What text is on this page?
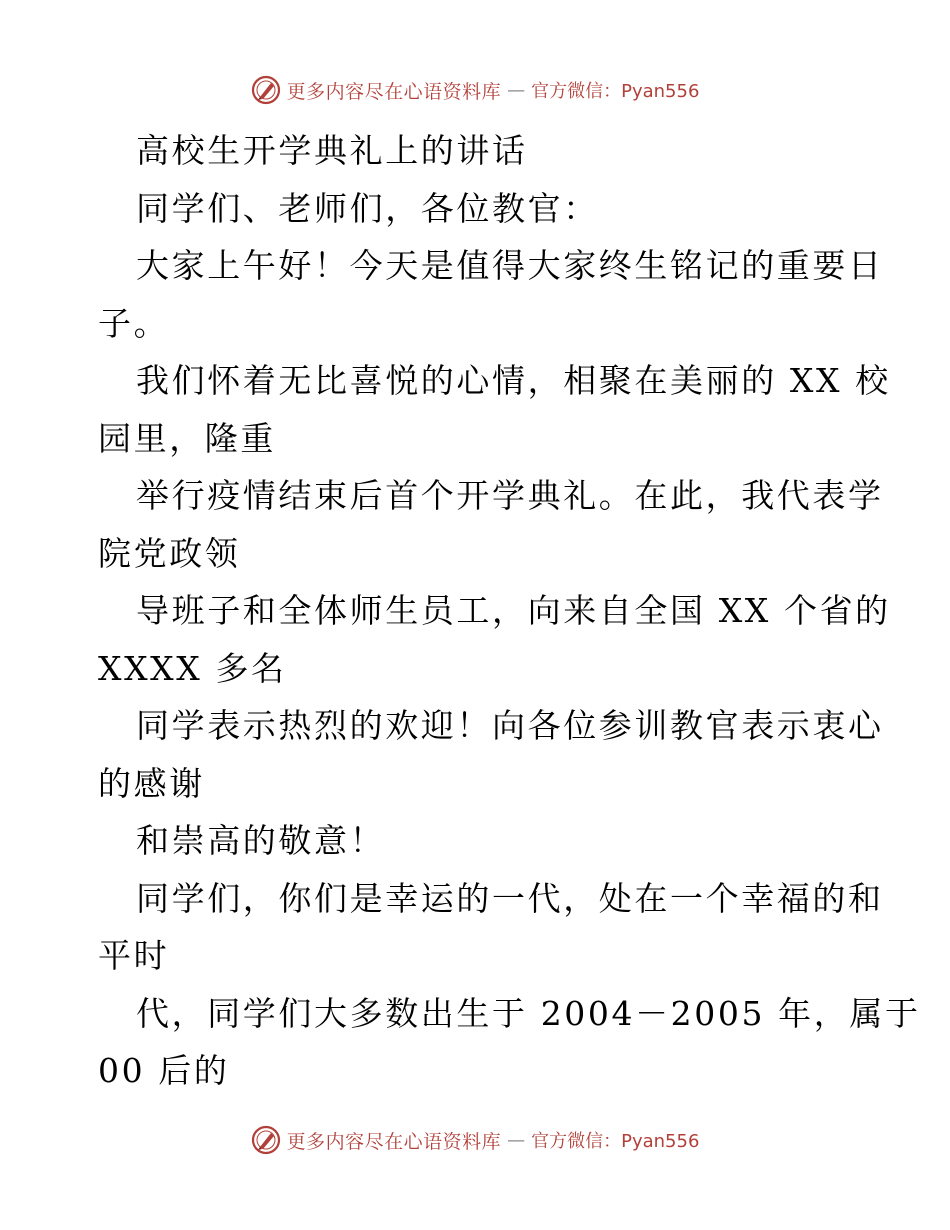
更多内容尽在心语资料库 — 官方微信：Pyan556
高校生开学典礼上的讲话
同学们、老师们，各位教官：
大家上午好！今天是值得大家终生铭记的重要日
子。
我们怀着无比喜悦的心情，相聚在美丽的 XX 校
园里，隆重
举行疫情结束后首个开学典礼。在此，我代表学
院党政领
导班子和全体师生员工，向来自全国 XX 个省的
XXXX 多名
同学表示热烈的欢迎！向各位参训教官表示衷心
的感谢
和崇高的敬意！
同学们，你们是幸运的一代，处在一个幸福的和
平时
代，同学们大多数出生于 2004－2005 年，属于
00 后的
更多内容尽在心语资料库 — 官方微信：Pyan556
